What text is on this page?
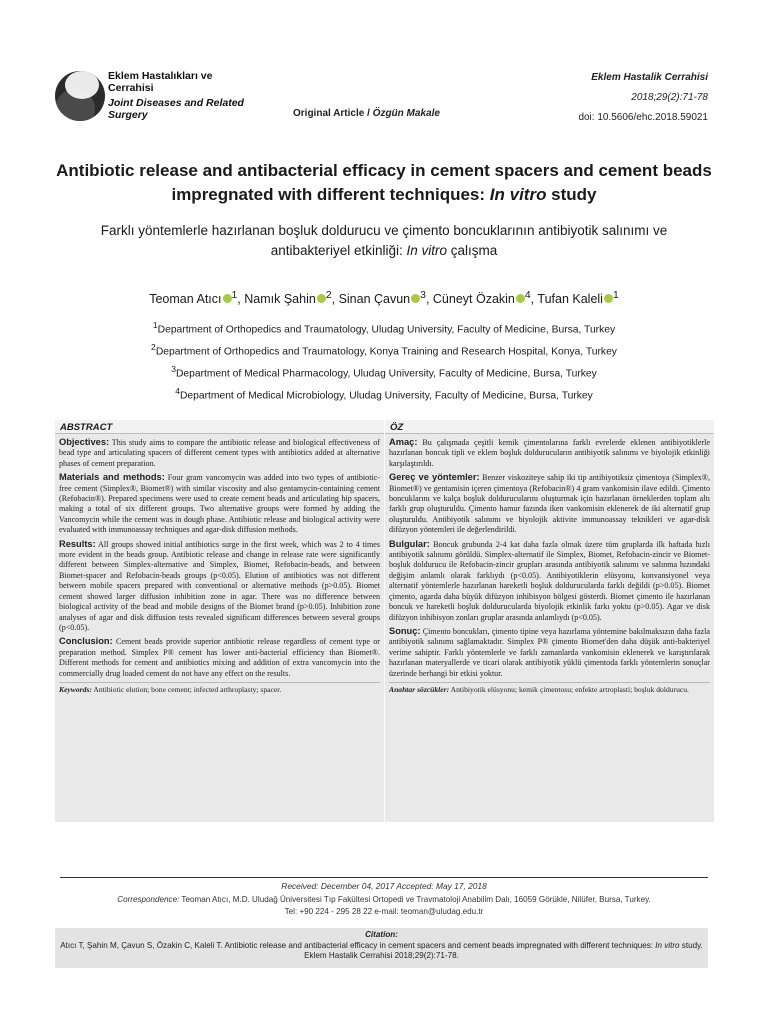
Eklem Hastalıkları ve Cerrahisi
Joint Diseases and Related Surgery	Original Article / Özgün Makale
Eklem Hastalik Cerrahisi
2018;29(2):71-78
doi: 10.5606/ehc.2018.59021
Antibiotic release and antibacterial efficacy in cement spacers and cement beads impregnated with different techniques: In vitro study
Farklı yöntemlerle hazırlanan boşluk doldurucu ve çimento boncuklarının antibiyotik salınımı ve antibakteriyel etkinliği: In vitro çalışma
Teoman Atıcı $^1$, Namık Şahin $^2$, Sinan Çavun $^3$, Cüneyt Özakin $^4$, Tufan Kaleli $^1$
$^1$Department of Orthopedics and Traumatology, Uludag University, Faculty of Medicine, Bursa, Turkey
$^2$Department of Orthopedics and Traumatology, Konya Training and Research Hospital, Konya, Turkey
$^3$Department of Medical Pharmacology, Uludag University, Faculty of Medicine, Bursa, Turkey
$^4$Department of Medical Microbiology, Uludag University, Faculty of Medicine, Bursa, Turkey
ABSTRACT

Objectives: This study aims to compare the antibiotic release and biological effectiveness of bead type and articulating spacers of different cement types with antibiotics added at alternative phases of cement preparation.

Materials and methods: Four gram vancomycin was added into two types of antibiotic-free cement (Simplex®, Biomet®) with similar viscosity and also gentamycin-containing cement (Refobacin®). Prepared specimens were used to create cement beads and articulating hip spacers, making a total of six different groups. Two alternative groups were formed by adding the Vancomycin while the cement was in dough phase. Antibiotic release and biological activity were evaluated with immunoassay techniques and agar-disk diffusion methods.

Results: All groups showed initial antibiotics surge in the first week, which was 2 to 4 times more evident in the beads group. Antibiotic release and change in release rate were significantly different between Simplex-alternative and Simplex, Biomet, Refobacin-beads, and between Biomet-spacer and Refobacin-beads groups (p<0.05). Elution of antibiotics was not different between mobile spacers prepared with conventional or alternative methods (p>0.05). Biomet cement showed larger diffusion inhibition zone in agar. There was no difference between biological activity of the bead and mobile designs of the Biomet brand (p>0.05). Inhibition zone analyses of agar and disk diffusion tests revealed significant differences between several groups (p<0.05).

Conclusion: Cement beads provide superior antibiotic release regardless of cement type or preparation method. Simplex P® cement has lower anti-bacterial efficiency than Biomet®. Different methods for cement and antibiotics mixing and addition of extra vancomycin into the commercially drug loaded cement do not have any effect on the results.

Keywords: Antibiotic elution; bone cement; infected arthroplasty; spacer.
ÖZ

Amaç: Bu çalışmada çeşitli kemik çimentolarına farklı evrelerde eklenen antibiyotiklerle hazırlanan boncuk tipli ve eklem boşluk doldurucuların antibiyotik salınımı ve biyolojik etkinliği karşılaştırıldı.

Gereç ve yöntemler: Benzer viskoziteye sahip iki tip antibiyotiksiz çimentoya (Simplex®, Biomet®) ve gentamisin içeren çimentoya (Refobacin®) 4 gram vankomisin ilave edildi. Çimento boncuklarını ve kalça boşluk doldurucularını oluşturmak için hazırlanan örneklerden toplam altı farklı grup oluşturuldu. Çimento hamur fazında iken vankomisin eklenerek de iki alternatif grup oluşturuldu. Antibiyotik salınımı ve biyolojik aktivite immunoassay teknikleri ve agar-disk difüzyon yöntemleri ile değerlendirildi.

Bulgular: Boncuk grubunda 2-4 kat daha fazla olmak üzere tüm gruplarda ilk haftada hızlı antibiyotik salınımı görüldü. Simplex-alternatif ile Simplex, Biomet, Refobacin-zincir ve Biomet-boşluk doldurucu ile Refobacin-zincir grupları arasında antibiyotik salınımı ve salınma hızındaki değişim anlamlı olarak farklıydı (p<0.05). Antibiyotiklerin elüsyonu, konvansiyonel veya alternatif yöntemlerle hazırlanan hareketli boşluk doldurucularda farklı değildi (p>0.05). Biomet çimento, agarda daha büyük difüzyon inhibisyon bölgesi gösterdi. Biomet çimento ile hazırlanan boncuk ve hareketli boşluk doldurucularda biyolojik etkinlik farkı yoktu (p>0.05). Agar ve disk difüzyon inhibisyon zonları gruplar arasında anlamlıydı (p<0.05).

Sonuç: Çimento boncukları, çimento tipine veya hazırlama yöntemine bakılmaksızın daha fazla antibiyotik salınımı sağlamaktadır. Simplex P® çimento Biomet'den daha düşük anti-bakteriyel verime sahiptir. Farklı yöntemlerle ve farklı zamanlarda vankomisin eklenerek ve karıştırılarak hazırlanan materyallerde ve ticari olarak antibiyotik yüklü çimentoda farklı yöntemlerin sonuçlar üzerinde herhangi bir etkisi yoktur.

Anahtar sözcükler: Antibiyotik elüsyonu; kemik çimentosu; enfekte artroplasti; boşluk doldurucu.
Received: December 04, 2017 Accepted: May 17, 2018
Correspondence: Teoman Atıcı, M.D. Uludağ Üniversitesi Tıp Fakültesi Ortopedi ve Travmatoloji Anabilim Dalı, 16059 Görükle, Nilüfer, Bursa, Turkey.
Tel: +90 224 - 295 28 22 e-mail: teoman@uludag.edu.tr
Citation:
Atıcı T, Şahin M, Çavun S, Özakin C, Kaleli T. Antibiotic release and antibacterial efficacy in cement spacers and cement beads impregnated with different techniques: In vitro study. Eklem Hastalik Cerrahisi 2018;29(2):71-78.
